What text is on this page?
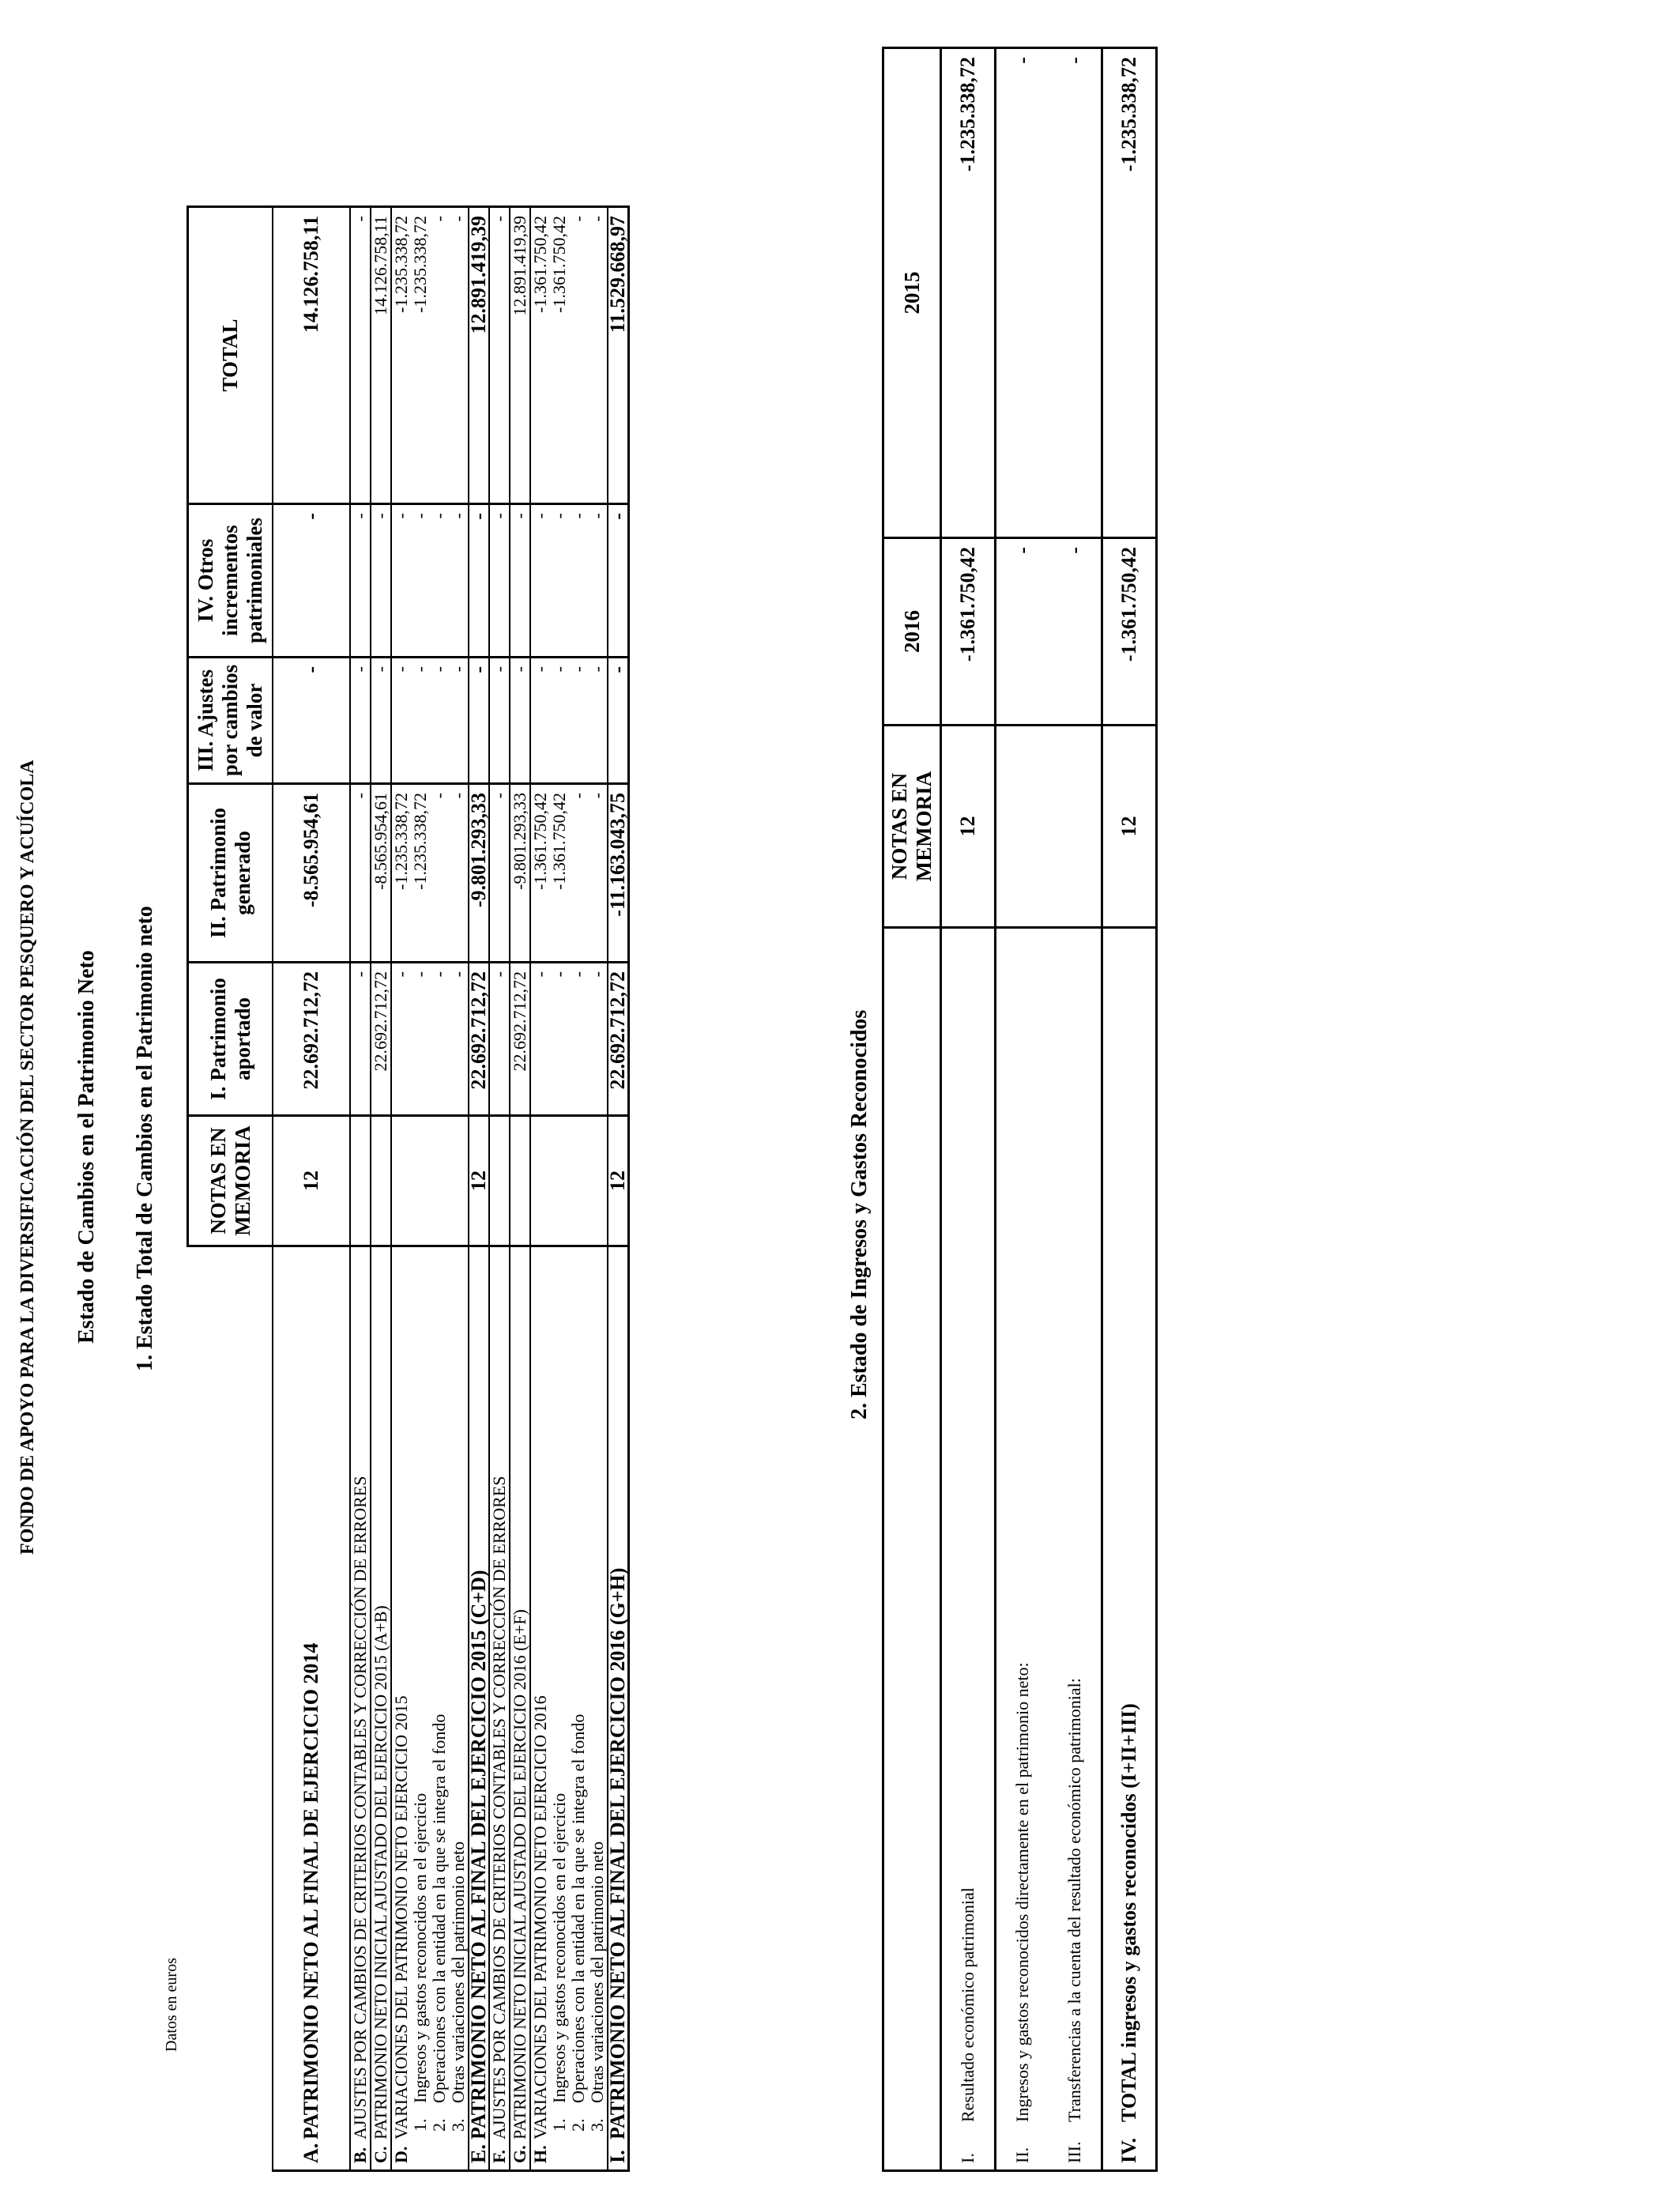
FONDO DE APOYO PARA LA DIVERSIFICACIÓN DEL SECTOR PESQUERO Y ACUÍCOLA Estado de Cambios en el Patrimonio Neto 1. Estado Total de Cambios en el Patrimonio neto
Datos en euros
	NOTAS EN MEMORIA	I. Patrimonio aportado	II. Patrimonio generado	III. Ajustes por cambios de valor	IV. Otros incrementos patrimoniales	TOTAL
A.PATRIMONIO NETO AL FINAL DE EJERCICIO 2014	12	22.692.712,72	-8.565.954,61	-	-	14.126.758,11
B.AJUSTES POR CAMBIOS DE CRITERIOS CONTABLES Y CORRECCIÓN DE ERRORES		-	-	-	-	-
C.PATRIMONIO NETO INICIAL AJUSTADO DEL EJERCICIO 2015 (A+B)		22.692.712,72	-8.565.954,61	-	-	14.126.758,11
D.VARIACIONES DEL PATRIMONIO NETO EJERCICIO 2015		-	-1.235.338,72	-	-	-1.235.338,72
1.Ingresos y gastos reconocidos en el ejercicio		-	-1.235.338,72	-	-	-1.235.338,72
2.Operaciones con la entidad en la que se integra el fondo		-	-	-	-	-
3.Otras variaciones del patrimonio neto		-	-	-	-	-
E.PATRIMONIO NETO AL FINAL DEL EJERCICIO 2015 (C+D)	12	22.692.712,72	-9.801.293,33	-	-	12.891.419,39
F.AJUSTES POR CAMBIOS DE CRITERIOS CONTABLES Y CORRECCIÓN DE ERRORES		-	-	-	-	-
G.PATRIMONIO NETO INICIAL AJUSTADO DEL EJERCICIO 2016 (E+F)		22.692.712,72	-9.801.293,33	-	-	12.891.419,39
H.VARIACIONES DEL PATRIMONIO NETO EJERCICIO 2016		-	-1.361.750,42	-	-	-1.361.750,42
1.Ingresos y gastos reconocidos en el ejercicio		-	-1.361.750,42	-	-	-1.361.750,42
2.Operaciones con la entidad en la que se integra el fondo		-	-	-	-	-
3.Otras variaciones del patrimonio neto		-	-	-	-	-
I.PATRIMONIO NETO AL FINAL DEL EJERCICIO 2016 (G+H)	12	22.692.712,72	-11.163.043,75	-	-	11.529.668,97
2. Estado de Ingresos y Gastos Reconocidos
	NOTAS EN MEMORIA	2016	2015
I.Resultado económico patrimonial	12	-1.361.750,42	-1.235.338,72
II.Ingresos y gastos reconocidos directamente en el patrimonio neto:		-	-
III.Transferencias a la cuenta del resultado económico patrimonial:		-	-
IV.TOTAL ingresos y gastos reconocidos (I+II+III)	12	-1.361.750,42	-1.235.338,72
